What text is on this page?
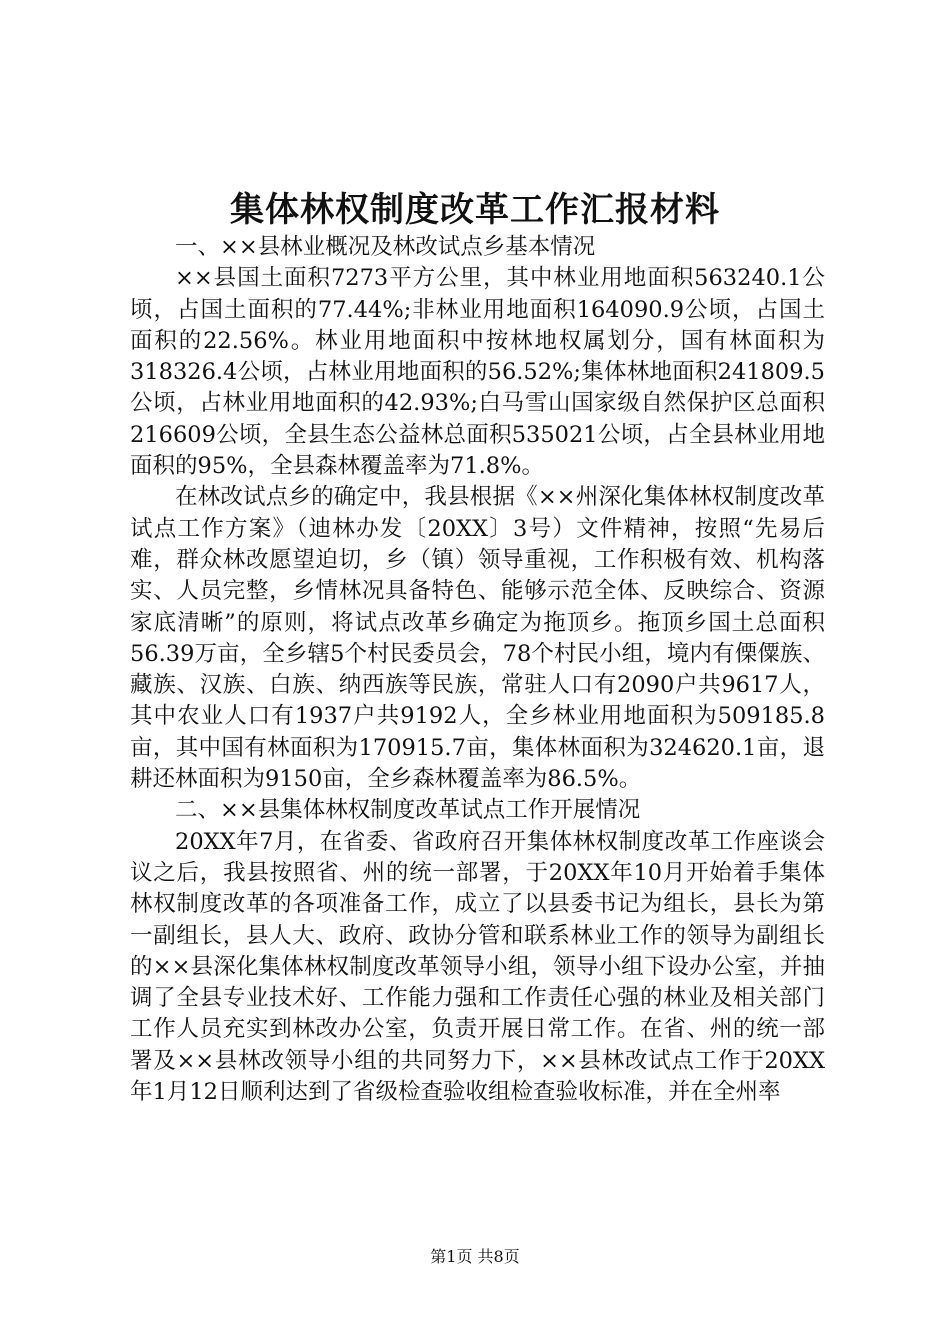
集体林权制度改革工作汇报材料

一、××县林业概况及林改试点乡基本情况

××县国土面积7273平方公里，其中林业用地面积563240.1公顷，占国土面积的77.44%;非林业用地面积164090.9公顷，占国土面积的22.56%。林业用地面积中按林地权属划分，国有林面积为318326.4公顷，占林业用地面积的56.52%;集体林地面积241809.5公顷，占林业用地面积的42.93%;白马雪山国家级自然保护区总面积216609公顷，全县生态公益林总面积535021公顷，占全县林业用地面积的95%，全县森林覆盖率为71.8%。

在林改试点乡的确定中，我县根据《××州深化集体林权制度改革试点工作方案》（迪林办发〔20XX〕3号）文件精神，按照“先易后难，群众林改愿望迫切，乡（镇）领导重视，工作积极有效、机构落实、人员完整，乡情林况具备特色、能够示范全体、反映综合、资源家底清晰”的原则，将试点改革乡确定为拖顶乡。拖顶乡国土总面积56.39万亩，全乡辖5个村民委员会，78个村民小组，境内有傈僳族、藏族、汉族、白族、纳西族等民族，常驻人口有2090户共9617人，其中农业人口有1937户共9192人，全乡林业用地面积为509185.8亩，其中国有林面积为170915.7亩，集体林面积为324620.1亩，退耕还林面积为9150亩，全乡森林覆盖率为86.5%。

二、××县集体林权制度改革试点工作开展情况

20XX年7月，在省委、省政府召开集体林权制度改革工作座谈会议之后，我县按照省、州的统一部署，于20XX年10月开始着手集体林权制度改革的各项准备工作，成立了以县委书记为组长，县长为第一副组长，县人大、政府、政协分管和联系林业工作的领导为副组长的××县深化集体林权制度改革领导小组，领导小组下设办公室，并抽调了全县专业技术好、工作能力强和工作责任心强的林业及相关部门工作人员充实到林改办公室，负责开展日常工作。在省、州的统一部署及××县林改领导小组的共同努力下，××县林改试点工作于20XX年1月12日顺利达到了省级检查验收组检查验收标准，并在全州率

第1页 共8页
